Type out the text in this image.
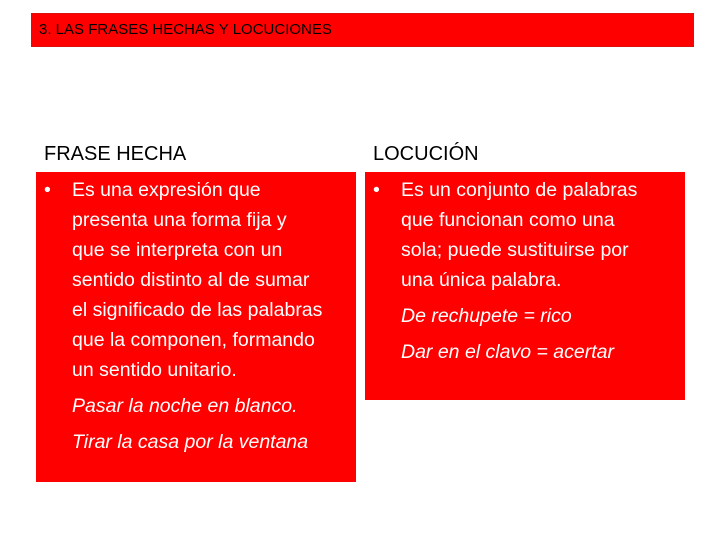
3. LAS FRASES HECHAS Y LOCUCIONES
FRASE HECHA	LOCUCIÓN
• Es una expresión que
presenta una forma fija y
que se interpreta con un
sentido distinto al de sumar
el significado de las palabras
que la componen, formando
un sentido unitario.
Pasar la noche en blanco.
Tirar la casa por la ventana
• Es un conjunto de palabras
que funcionan como una
sola; puede sustituirse por
una única palabra.
De rechupete = rico
Dar en el clavo = acertar
